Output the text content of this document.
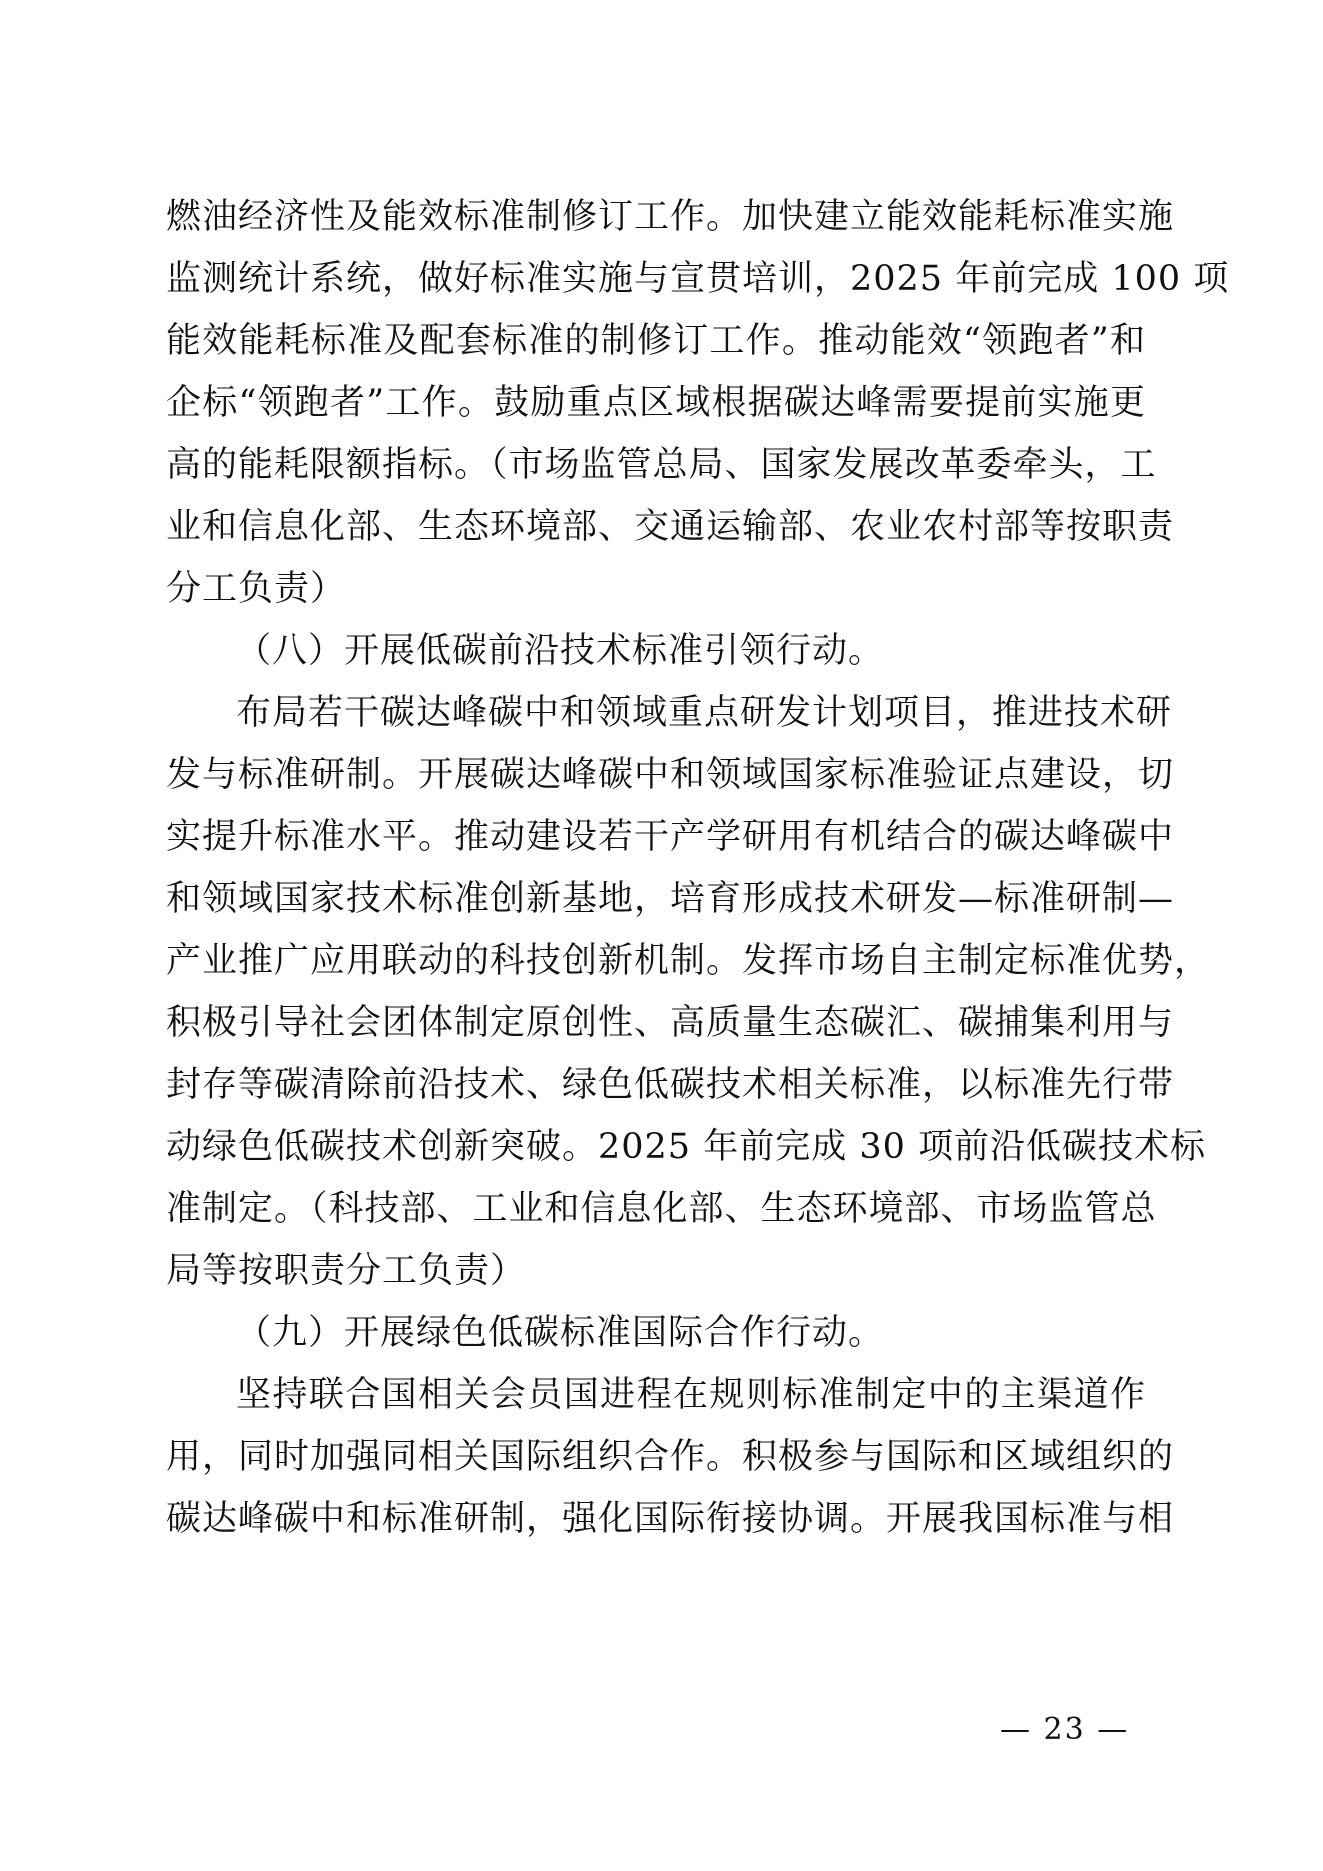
燃油经济性及能效标准制修订工作。加快建立能效能耗标准实施
监测统计系统，做好标准实施与宣贯培训，2025 年前完成 100 项
能效能耗标准及配套标准的制修订工作。推动能效“领跑者”和
企标“领跑者”工作。鼓励重点区域根据碳达峰需要提前实施更
高的能耗限额指标。（市场监管总局、国家发展改革委牵头，工
业和信息化部、生态环境部、交通运输部、农业农村部等按职责
分工负责）
（八）开展低碳前沿技术标准引领行动。
布局若干碳达峰碳中和领域重点研发计划项目，推进技术研
发与标准研制。开展碳达峰碳中和领域国家标准验证点建设，切
实提升标准水平。推动建设若干产学研用有机结合的碳达峰碳中
和领域国家技术标准创新基地，培育形成技术研发—标准研制—
产业推广应用联动的科技创新机制。发挥市场自主制定标准优势，
积极引导社会团体制定原创性、高质量生态碳汇、碳捕集利用与
封存等碳清除前沿技术、绿色低碳技术相关标准，以标准先行带
动绿色低碳技术创新突破。2025 年前完成 30 项前沿低碳技术标
准制定。（科技部、工业和信息化部、生态环境部、市场监管总
局等按职责分工负责）
（九）开展绿色低碳标准国际合作行动。
坚持联合国相关会员国进程在规则标准制定中的主渠道作
用，同时加强同相关国际组织合作。积极参与国际和区域组织的
碳达峰碳中和标准研制，强化国际衔接协调。开展我国标准与相
— 23 —
